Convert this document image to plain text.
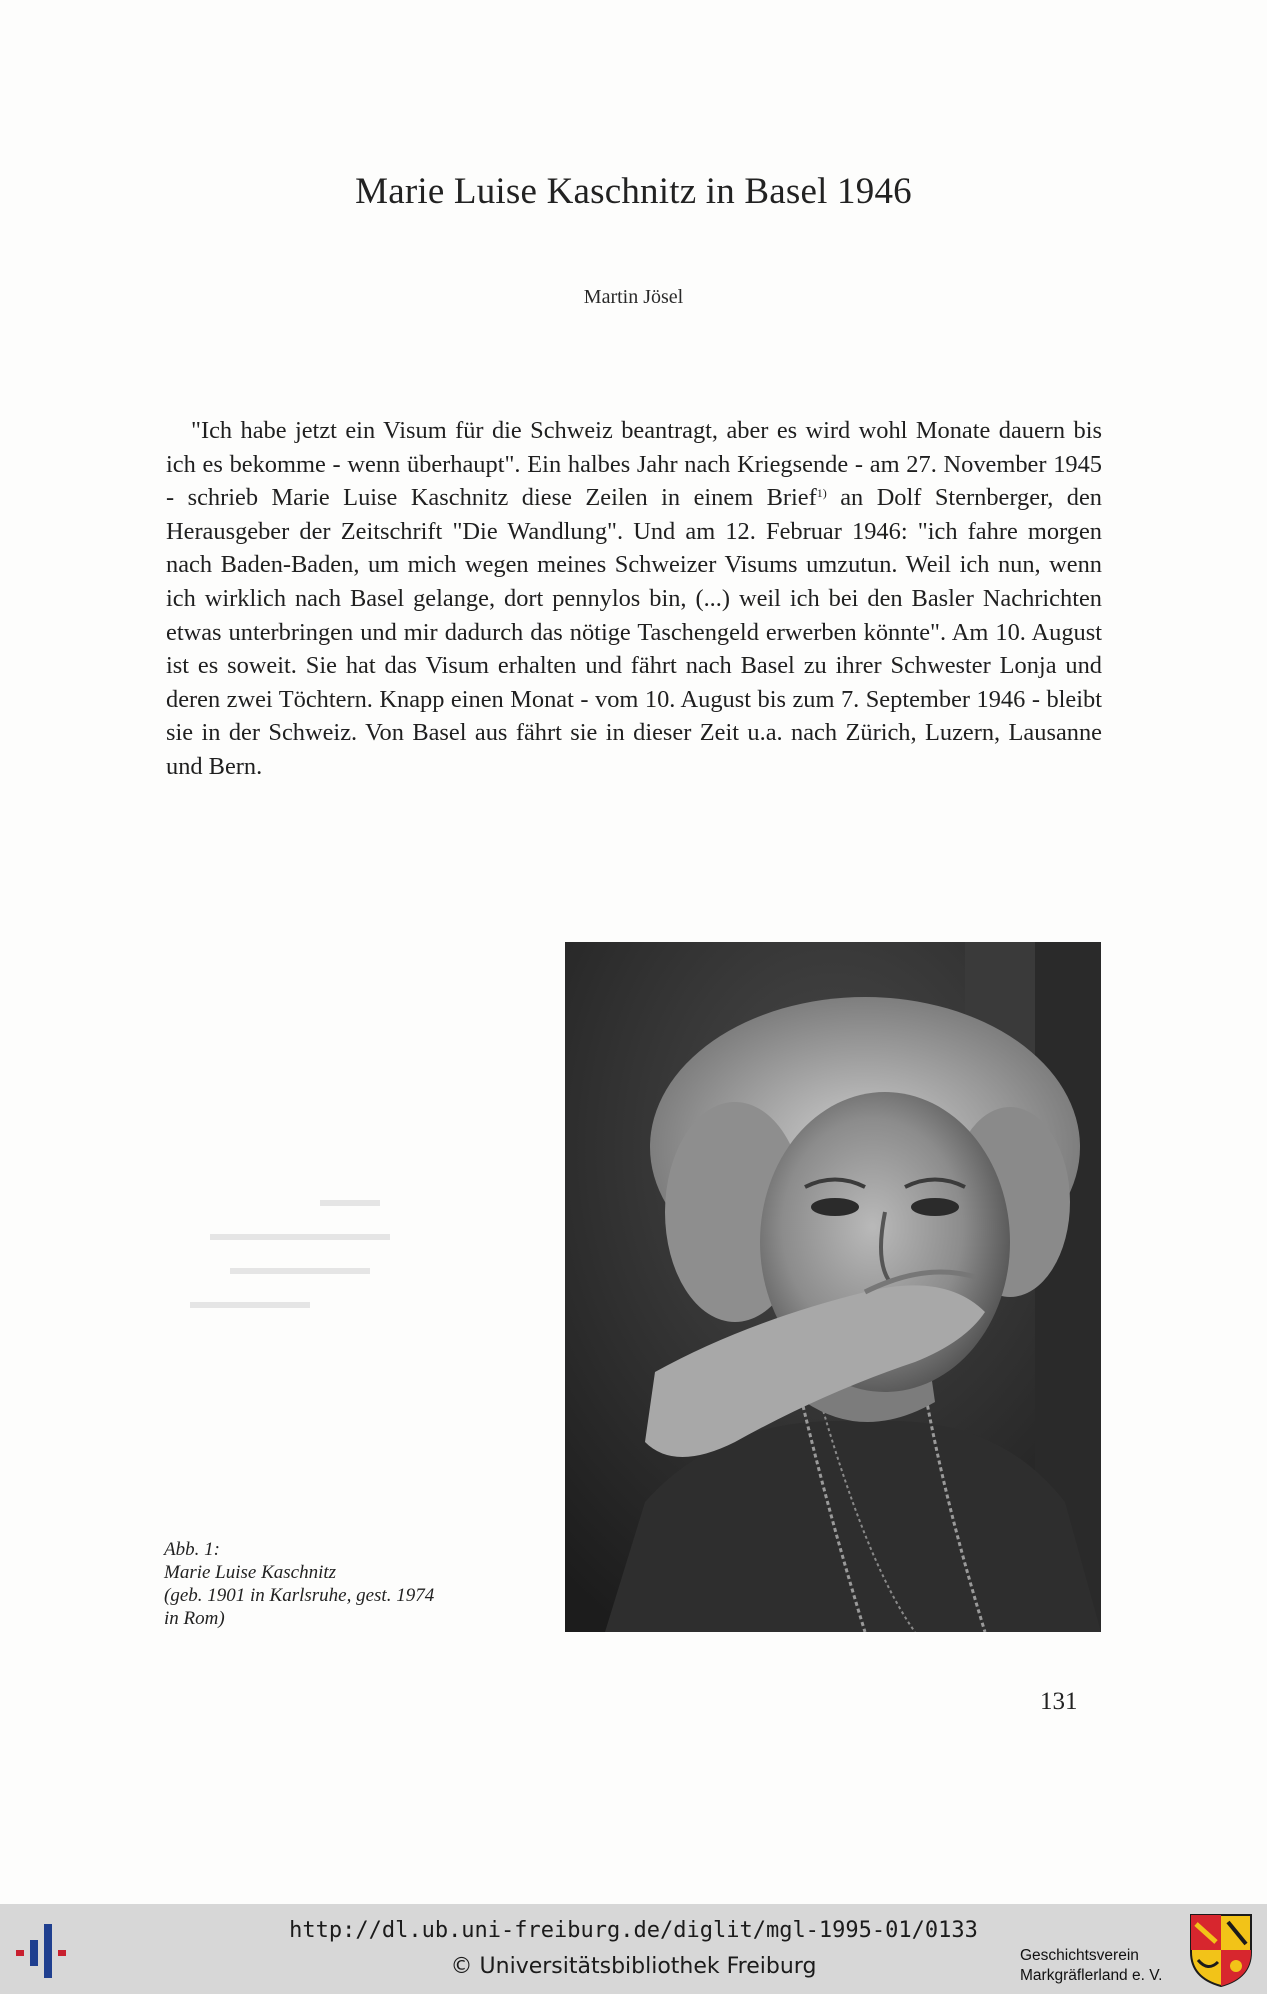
Marie Luise Kaschnitz in Basel 1946
Martin Jösel

"Ich habe jetzt ein Visum für die Schweiz beantragt, aber es wird wohl Monate dauern bis ich es bekomme - wenn überhaupt". Ein halbes Jahr nach Kriegsende - am 27. November 1945 - schrieb Marie Luise Kaschnitz diese Zeilen in einem Brief$^{1)}$ an Dolf Sternberger, den Herausgeber der Zeitschrift "Die Wandlung". Und am 12. Februar 1946: "ich fahre morgen nach Baden-Baden, um mich wegen meines Schweizer Visums umzutun. Weil ich nun, wenn ich wirklich nach Basel gelange, dort pennylos bin, (...) weil ich bei den Basler Nachrichten etwas unterbringen und mir dadurch das nötige Taschengeld erwerben könnte". Am 10. August ist es soweit. Sie hat das Visum erhalten und fährt nach Basel zu ihrer Schwester Lonja und deren zwei Töchtern. Knapp einen Monat - vom 10. August bis zum 7. September 1946 - bleibt sie in der Schweiz. Von Basel aus fährt sie in dieser Zeit u.a. nach Zürich, Luzern, Lausanne und Bern.

Abb. 1:
Marie Luise Kaschnitz
(geb. 1901 in Karlsruhe, gest. 1974
in Rom)
131
http://dl.ub.uni-freiburg.de/diglit/mgl-1995-01/0133
© Universitätsbibliothek Freiburg	Geschichtsverein
Markgräflerland e. V.
